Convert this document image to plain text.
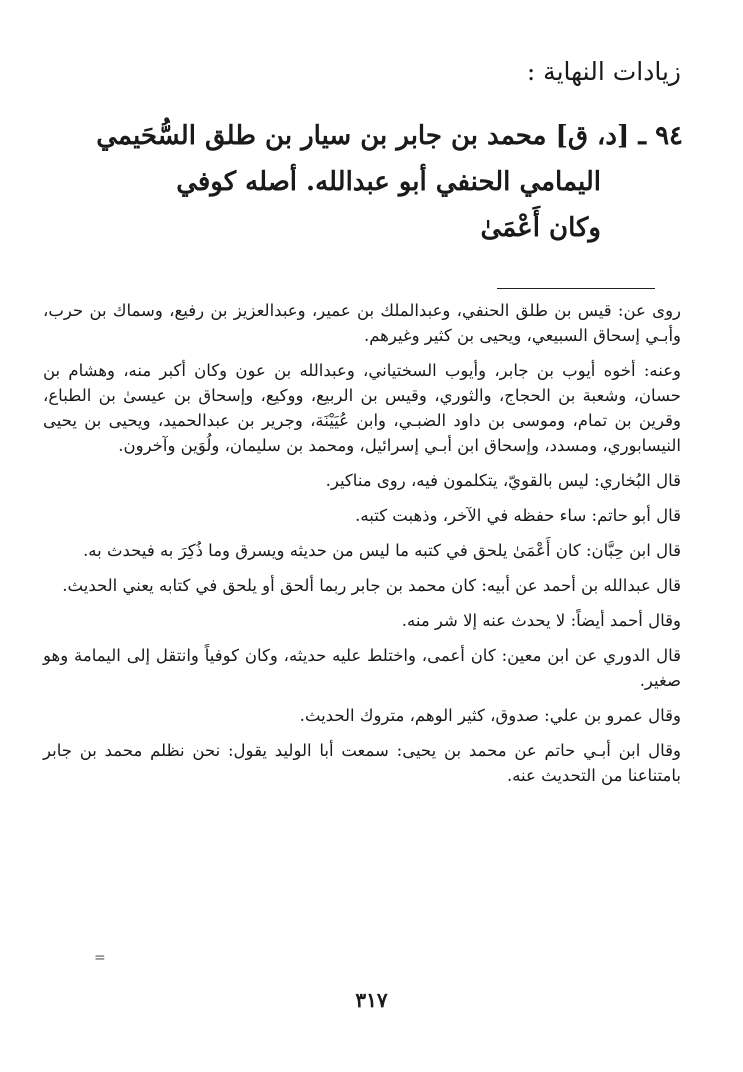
زيادات النهاية :
٩٤ ـ [د، ق] محمد بن جابر بن سيار بن طلق السُّحَيمي
اليمامي الحنفي أبو عبدالله. أصله كوفي
وكان أَعْمَىٰ

روى عن: قيس بن طلق الحنفي، وعبدالملك بن عمير، وعبدالعزيز بن رفيع، وسماك بن حرب، وأبـي إسحاق السبيعي، ويحيى بن كثير وغيرهم.

وعنه: أخوه أيوب بن جابر، وأيوب السختياني، وعبدالله بن عون وكان أكبر منه، وهشام بن حسان، وشعبة بن الحجاج، والثوري، وقيس بن الربيع، ووكيع، وإسحاق بن عيسىٰ بن الطباع، وقرين بن تمام، وموسى بن داود الضبـي، وابن عُيَيْنَة، وجرير بن عبدالحميد، ويحيى بن يحيى النيسابوري، ومسدد، وإسحاق ابن أبـي إسرائيل، ومحمد بن سليمان، ولُوَين وآخرون.

قال البُخاري: ليس بالقويّ، يتكلمون فيه، روى مناكير.

قال أبو حاتم: ساء حفظه في الآخر، وذهبت كتبه.

قال ابن حِبَّان: كان أَعْمَىٰ يلحق في كتبه ما ليس من حديثه ويسرق وما ذُكِرَ به فيحدث به.

قال عبدالله بن أحمد عن أبيه: كان محمد بن جابر ربما ألحق أو يلحق في كتابه يعني الحديث.

وقال أحمد أيضاً: لا يحدث عنه إلا شر منه.

قال الدوري عن ابن معين: كان أعمى، واختلط عليه حديثه، وكان كوفياً وانتقل إلى اليمامة وهو صغير.

وقال عمرو بن علي: صدوق، كثير الوهم، متروك الحديث.

وقال ابن أبـي حاتم عن محمد بن يحيى: سمعت أبا الوليد يقول: نحن نظلم محمد بن جابر بامتناعنا من التحديث عنه.

=
٣١٧
